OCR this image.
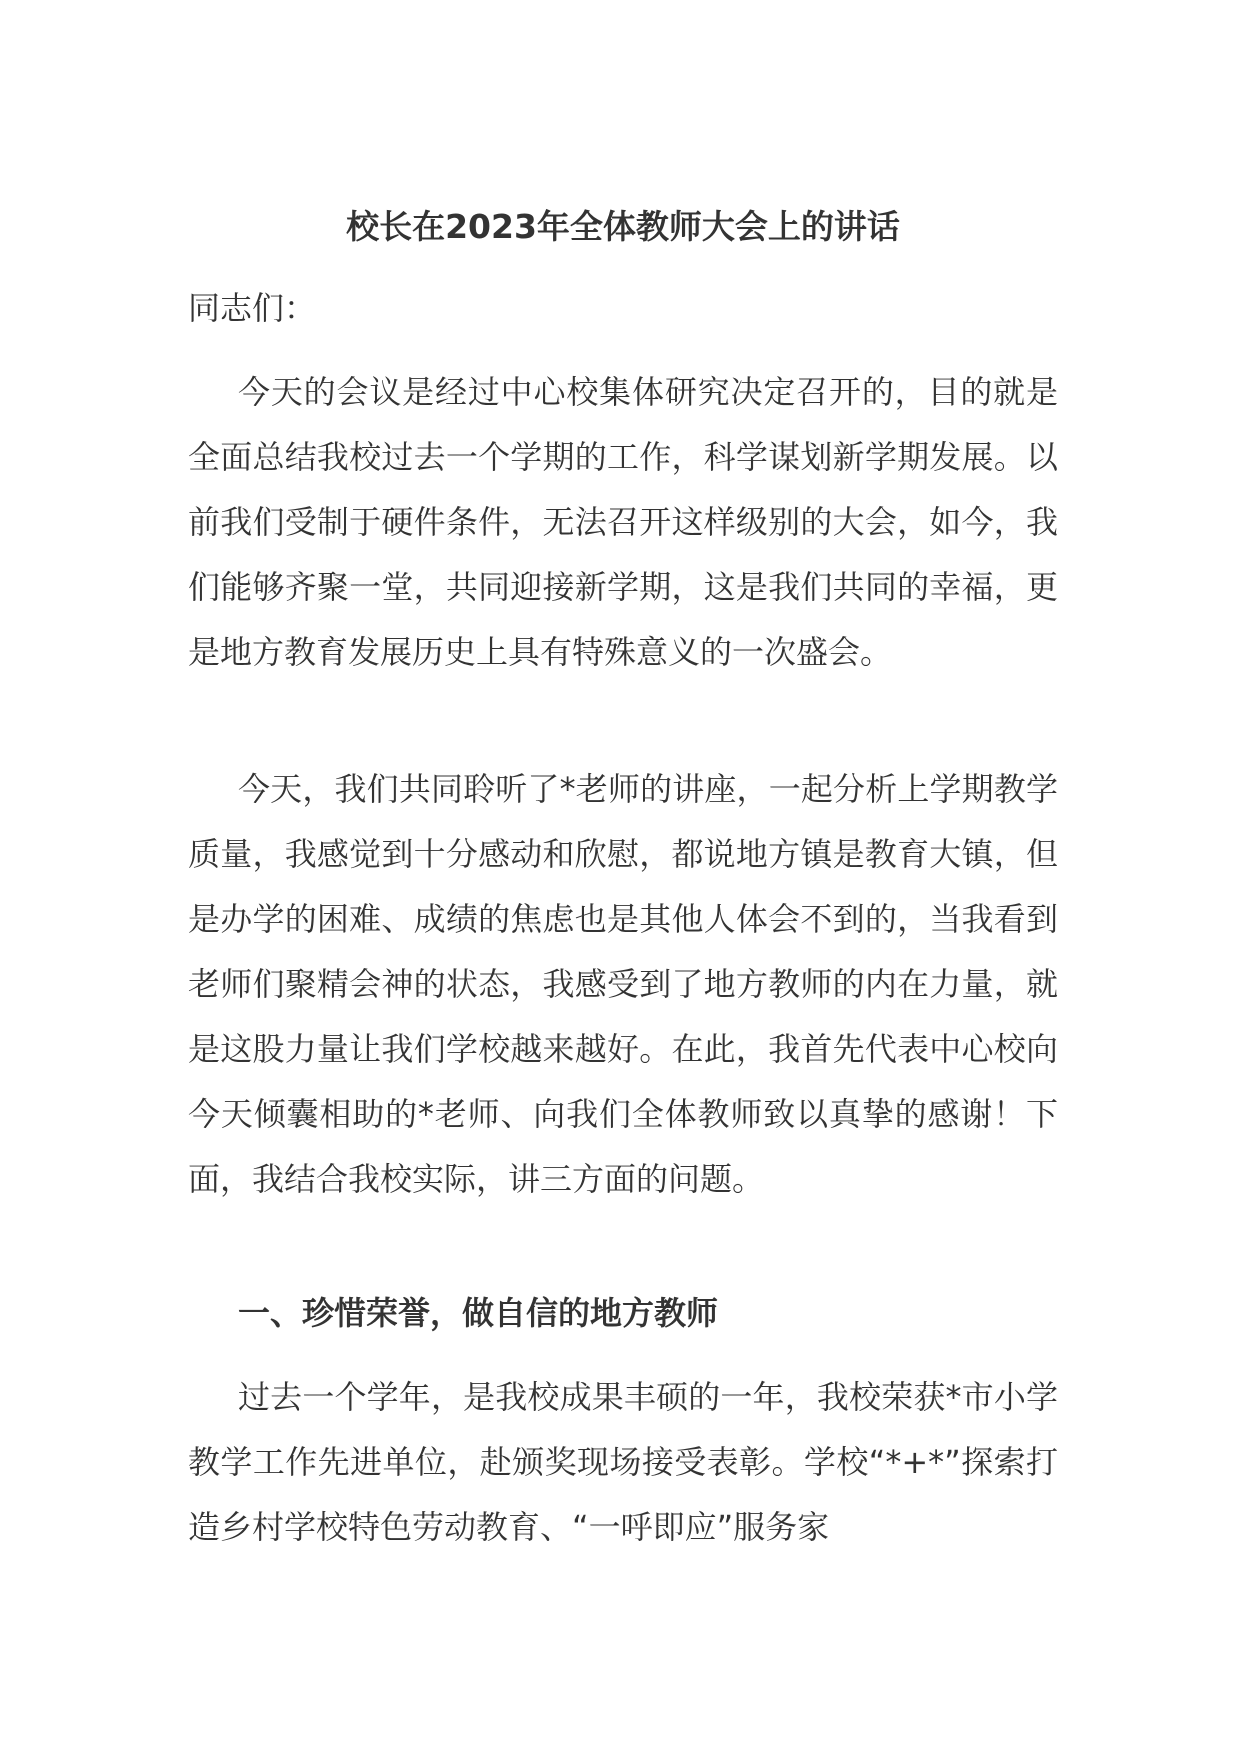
校长在2023年全体教师大会上的讲话

同志们：

今天的会议是经过中心校集体研究决定召开的，目的就是全面总结我校过去一个学期的工作，科学谋划新学期发展。以前我们受制于硬件条件，无法召开这样级别的大会，如今，我们能够齐聚一堂，共同迎接新学期，这是我们共同的幸福，更是地方教育发展历史上具有特殊意义的一次盛会。

今天，我们共同聆听了*老师的讲座，一起分析上学期教学质量，我感觉到十分感动和欣慰，都说地方镇是教育大镇，但是办学的困难、成绩的焦虑也是其他人体会不到的，当我看到老师们聚精会神的状态，我感受到了地方教师的内在力量，就是这股力量让我们学校越来越好。在此，我首先代表中心校向今天倾囊相助的*老师、向我们全体教师致以真挚的感谢！下面，我结合我校实际，讲三方面的问题。

一、珍惜荣誉，做自信的地方教师

过去一个学年，是我校成果丰硕的一年，我校荣获*市小学教学工作先进单位，赴颁奖现场接受表彰。学校“*+*”探索打造乡村学校特色劳动教育、“一呼即应”服务家
